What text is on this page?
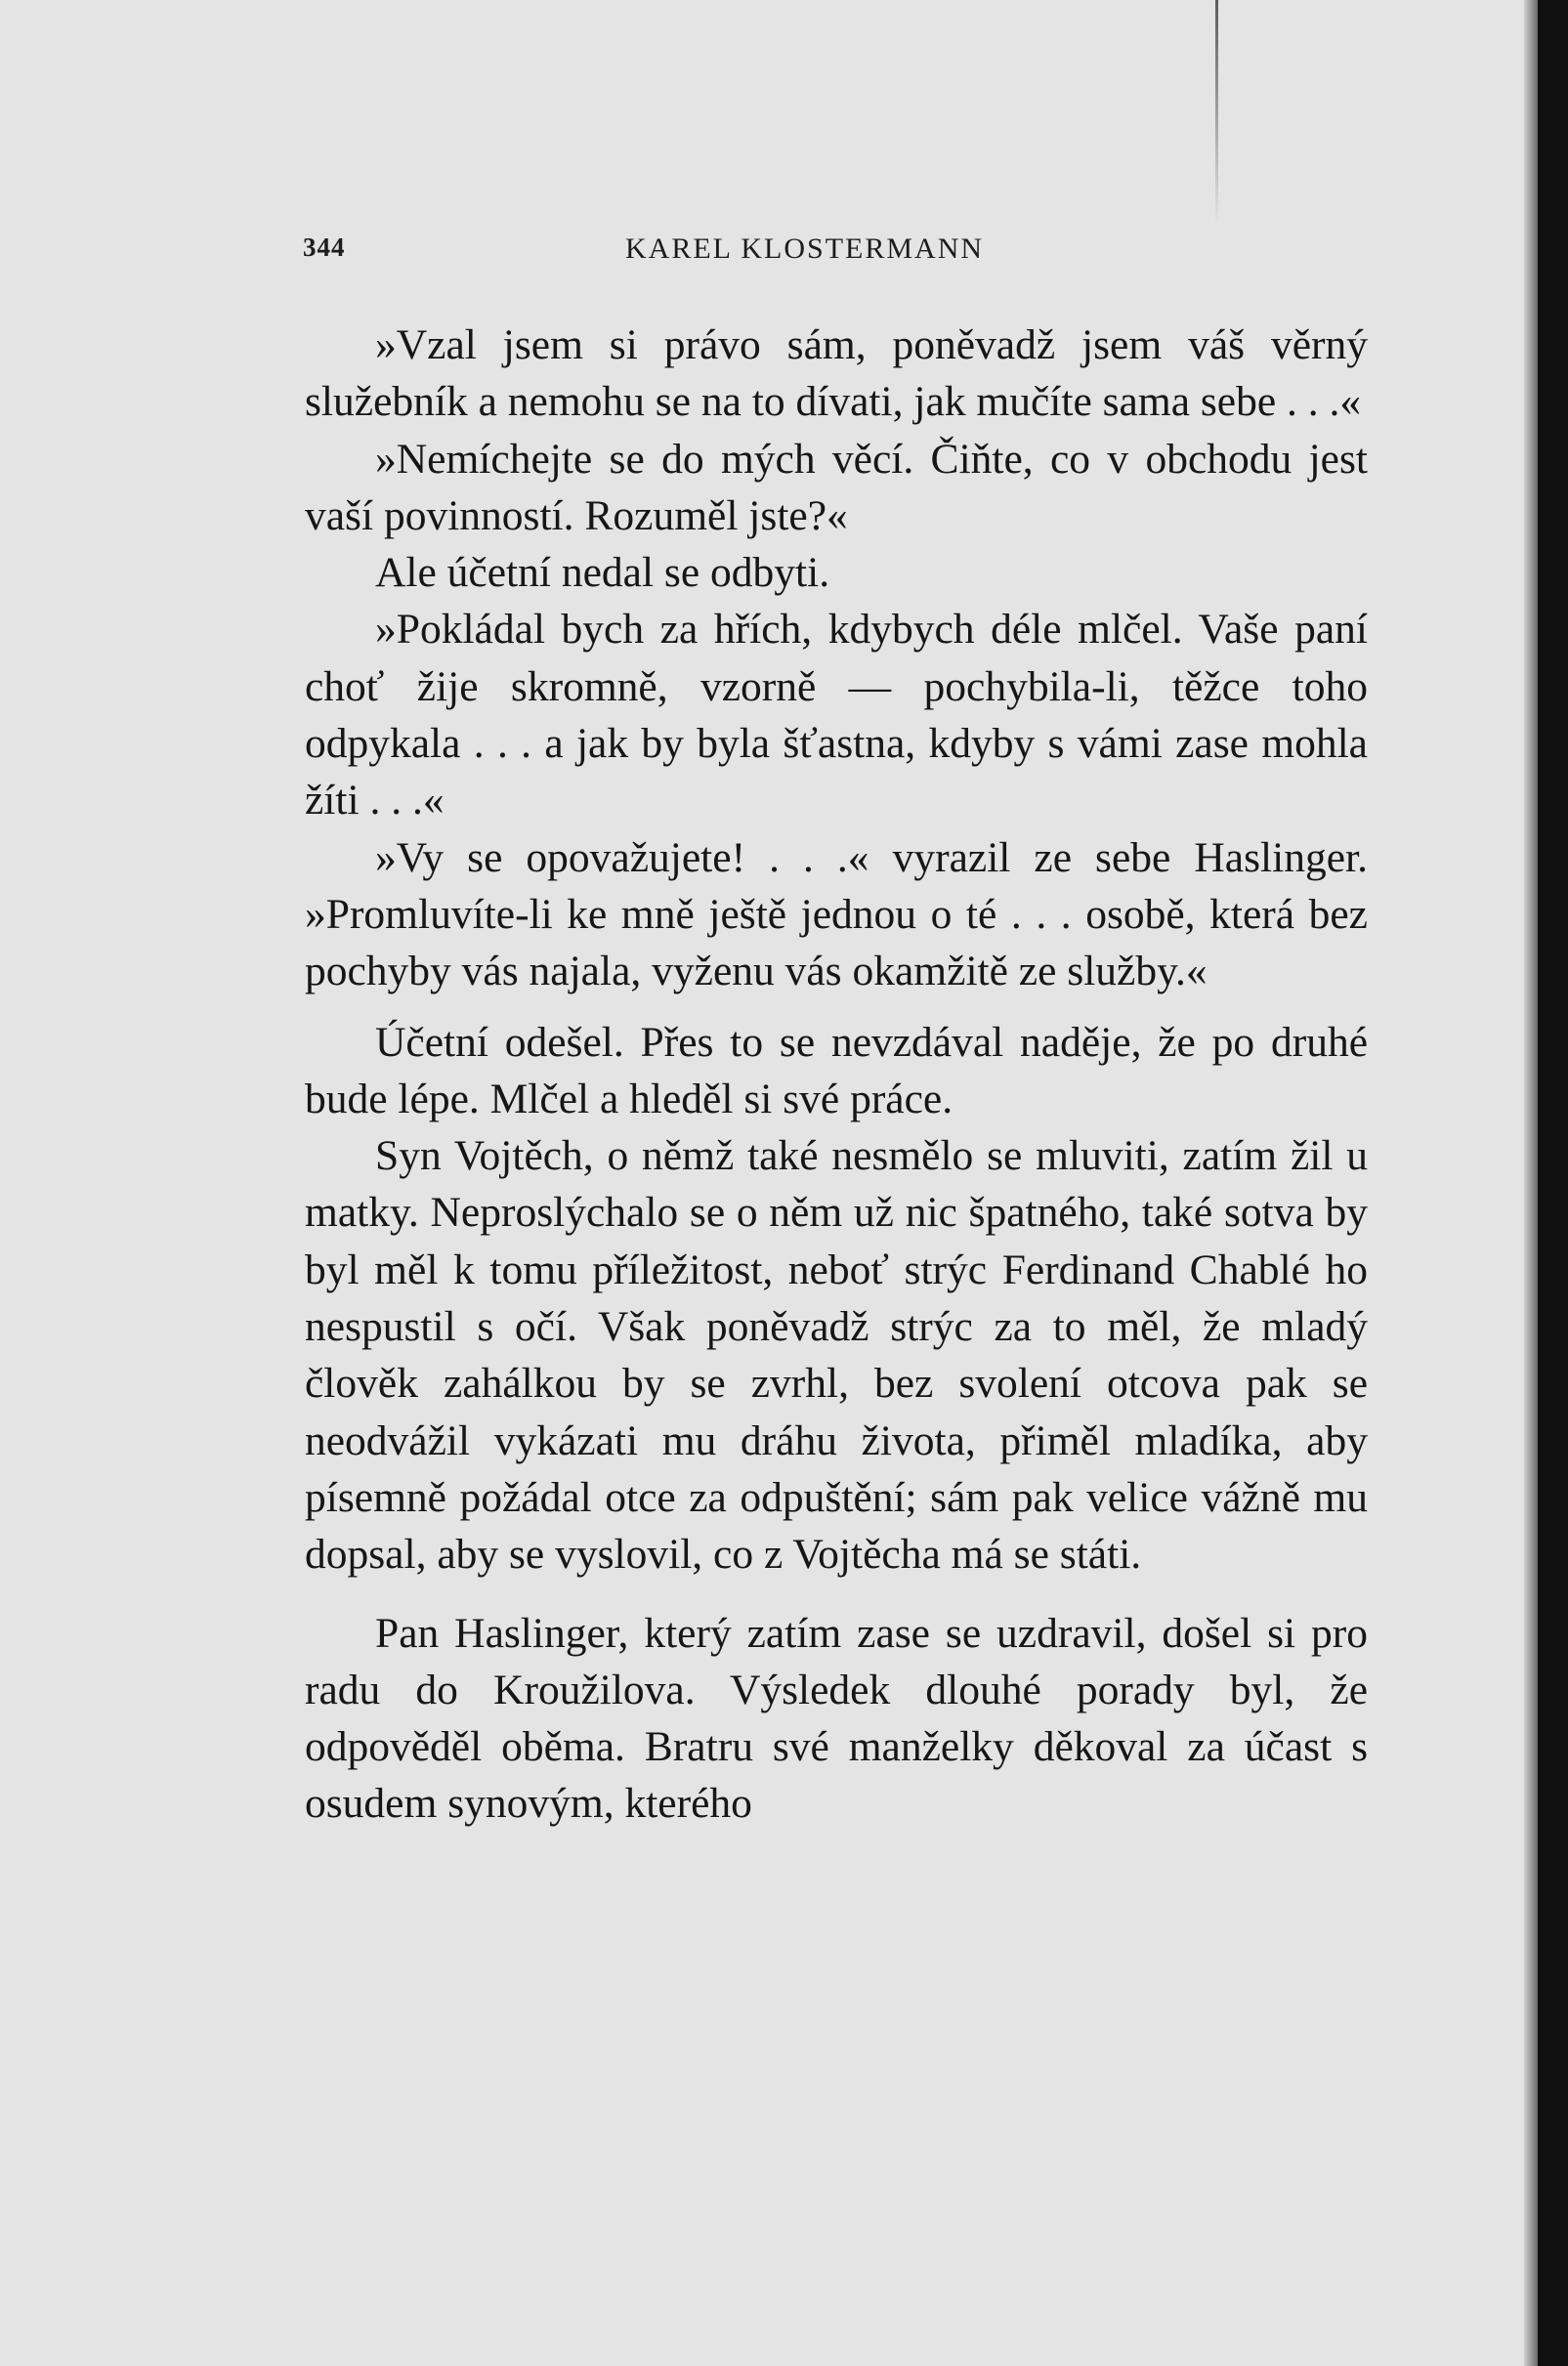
344	KAREL KLOSTERMANN

»Vzal jsem si právo sám, poněvadž jsem váš věrný služebník a nemohu se na to dívati, jak mučíte sama sebe . . .«

»Nemíchejte se do mých věcí. Čiňte, co v obchodu jest vaší povinností. Rozuměl jste?«

Ale účetní nedal se odbyti.

»Pokládal bych za hřích, kdybych déle mlčel. Vaše paní choť žije skromně, vzorně — pochybila-li, těžce toho odpykala . . . a jak by byla šťastna, kdyby s vámi zase mohla žíti . . .«

»Vy se opovažujete! . . .« vyrazil ze sebe Haslinger. »Promluvíte-li ke mně ještě jednou o té . . . osobě, která bez pochyby vás najala, vyženu vás okamžitě ze služby.«

Účetní odešel. Přes to se nevzdával naděje, že po druhé bude lépe. Mlčel a hleděl si své práce.

Syn Vojtěch, o němž také nesmělo se mluviti, zatím žil u matky. Neproslýchalo se o něm už nic špatného, také sotva by byl měl k tomu příležitost, neboť strýc Ferdinand Chablé ho nespustil s očí. Však poněvadž strýc za to měl, že mladý člověk zahálkou by se zvrhl, bez svolení otcova pak se neodvážil vykázati mu dráhu života, přiměl mladíka, aby písemně požádal otce za odpuštění; sám pak velice vážně mu dopsal, aby se vyslovil, co z Vojtěcha má se státi.

Pan Haslinger, který zatím zase se uzdravil, došel si pro radu do Kroužilova. Výsledek dlouhé porady byl, že odpověděl oběma. Bratru své manželky děkoval za účast s osudem synovým, kterého
